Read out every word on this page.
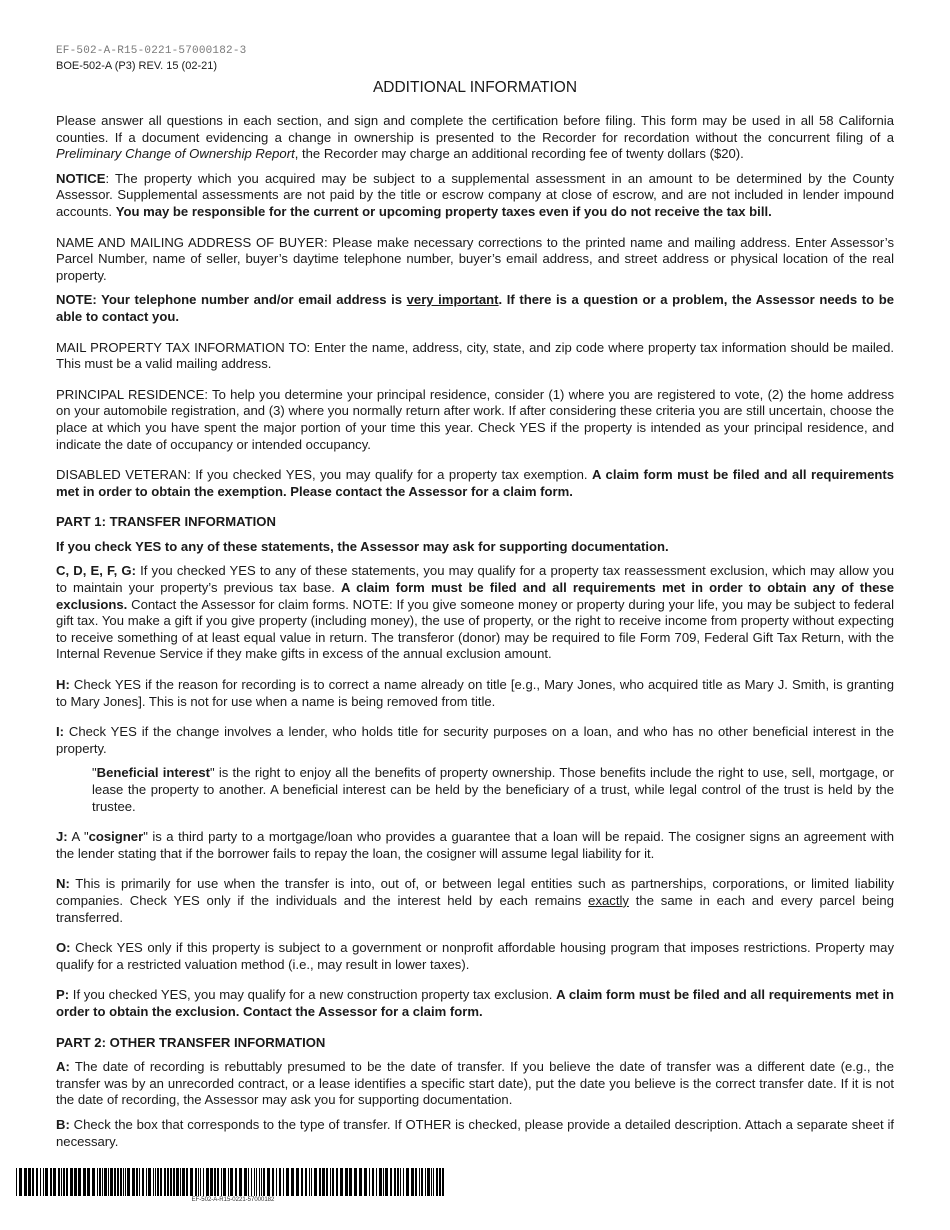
EF-502-A-R15-0221-57000182-3
BOE-502-A (P3) REV. 15 (02-21)
ADDITIONAL INFORMATION

Please answer all questions in each section, and sign and complete the certification before filing. This form may be used in all 58 California counties. If a document evidencing a change in ownership is presented to the Recorder for recordation without the concurrent filing of a Preliminary Change of Ownership Report, the Recorder may charge an additional recording fee of twenty dollars ($20).

NOTICE: The property which you acquired may be subject to a supplemental assessment in an amount to be determined by the County Assessor. Supplemental assessments are not paid by the title or escrow company at close of escrow, and are not included in lender impound accounts. You may be responsible for the current or upcoming property taxes even if you do not receive the tax bill.

NAME AND MAILING ADDRESS OF BUYER: Please make necessary corrections to the printed name and mailing address. Enter Assessor’s Parcel Number, name of seller, buyer’s daytime telephone number, buyer’s email address, and street address or physical location of the real property.

NOTE: Your telephone number and/or email address is very important. If there is a question or a problem, the Assessor needs to be able to contact you.

MAIL PROPERTY TAX INFORMATION TO: Enter the name, address, city, state, and zip code where property tax information should be mailed. This must be a valid mailing address.

PRINCIPAL RESIDENCE: To help you determine your principal residence, consider (1) where you are registered to vote, (2) the home address on your automobile registration, and (3) where you normally return after work. If after considering these criteria you are still uncertain, choose the place at which you have spent the major portion of your time this year. Check YES if the property is intended as your principal residence, and indicate the date of occupancy or intended occupancy.

DISABLED VETERAN: If you checked YES, you may qualify for a property tax exemption. A claim form must be filed and all requirements met in order to obtain the exemption. Please contact the Assessor for a claim form.

PART 1: TRANSFER INFORMATION
If you check YES to any of these statements, the Assessor may ask for supporting documentation.

C, D, E, F, G: If you checked YES to any of these statements, you may qualify for a property tax reassessment exclusion, which may allow you to maintain your property’s previous tax base. A claim form must be filed and all requirements met in order to obtain any of these exclusions. Contact the Assessor for claim forms. NOTE: If you give someone money or property during your life, you may be subject to federal gift tax. You make a gift if you give property (including money), the use of property, or the right to receive income from property without expecting to receive something of at least equal value in return. The transferor (donor) may be required to file Form 709, Federal Gift Tax Return, with the Internal Revenue Service if they make gifts in excess of the annual exclusion amount.

H: Check YES if the reason for recording is to correct a name already on title [e.g., Mary Jones, who acquired title as Mary J. Smith, is granting to Mary Jones]. This is not for use when a name is being removed from title.

I: Check YES if the change involves a lender, who holds title for security purposes on a loan, and who has no other beneficial interest in the property.

"Beneficial interest" is the right to enjoy all the benefits of property ownership. Those benefits include the right to use, sell, mortgage, or lease the property to another. A beneficial interest can be held by the beneficiary of a trust, while legal control of the trust is held by the trustee.

J: A "cosigner" is a third party to a mortgage/loan who provides a guarantee that a loan will be repaid. The cosigner signs an agreement with the lender stating that if the borrower fails to repay the loan, the cosigner will assume legal liability for it.

N: This is primarily for use when the transfer is into, out of, or between legal entities such as partnerships, corporations, or limited liability companies. Check YES only if the individuals and the interest held by each remains exactly the same in each and every parcel being transferred.

O: Check YES only if this property is subject to a government or nonprofit affordable housing program that imposes restrictions. Property may qualify for a restricted valuation method (i.e., may result in lower taxes).

P: If you checked YES, you may qualify for a new construction property tax exclusion. A claim form must be filed and all requirements met in order to obtain the exclusion. Contact the Assessor for a claim form.

PART 2: OTHER TRANSFER INFORMATION

A: The date of recording is rebuttably presumed to be the date of transfer. If you believe the date of transfer was a different date (e.g., the transfer was by an unrecorded contract, or a lease identifies a specific start date), put the date you believe is the correct transfer date. If it is not the date of recording, the Assessor may ask you for supporting documentation.

B: Check the box that corresponds to the type of transfer. If OTHER is checked, please provide a detailed description. Attach a separate sheet if necessary.

EF-502-A-R15-0221-57000182
